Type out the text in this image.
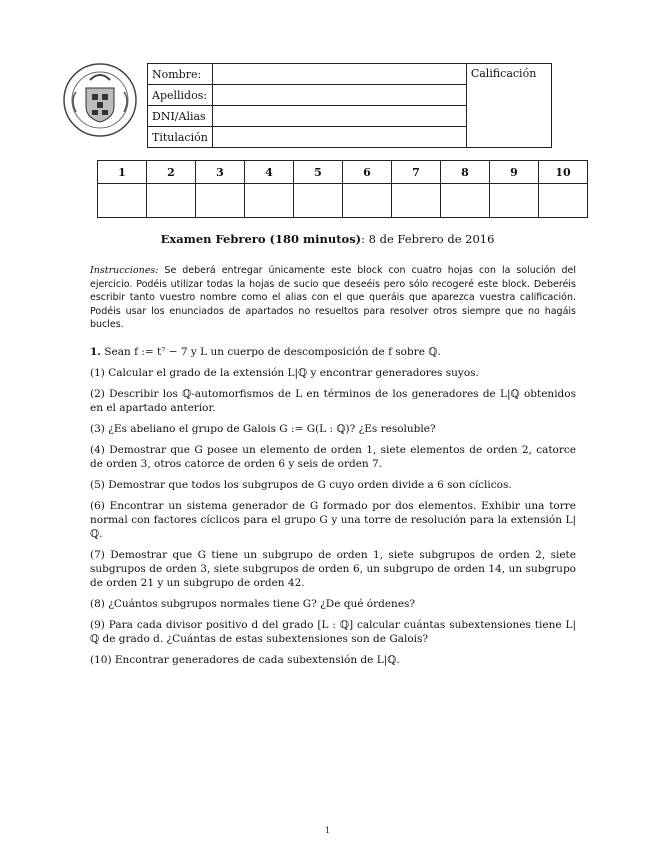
Nombre:		Calificación
Apellidos:		
DNI/Alias		
Titulación		
1	2	3	4	5	6	7	8	9	10

Examen Febrero (180 minutos): 8 de Febrero de 2016
Instrucciones: Se deberá entregar únicamente este block con cuatro hojas con la solución del ejercicio. Podéis utilizar todas la hojas de sucio que deseéis pero sólo recogeré este block. Deberéis escribir tanto vuestro nombre como el alias con el que queráis que aparezca vuestra calificación. Podéis usar los enunciados de apartados no resueltos para resolver otros siempre que no hagáis bucles.

1. Sean f := t⁷ − 7 y L un cuerpo de descomposición de f sobre ℚ.

(1) Calcular el grado de la extensión L|ℚ y encontrar generadores suyos.

(2) Describir los ℚ-automorfismos de L en términos de los generadores de L|ℚ obtenidos en el apartado anterior.

(3) ¿Es abeliano el grupo de Galois G := G(L : ℚ)? ¿Es resoluble?

(4) Demostrar que G posee un elemento de orden 1, siete elementos de orden 2, catorce de orden 3, otros catorce de orden 6 y seis de orden 7.

(5) Demostrar que todos los subgrupos de G cuyo orden divide a 6 son cíclicos.

(6) Encontrar un sistema generador de G formado por dos elementos. Exhibir una torre normal con factores cíclicos para el grupo G y una torre de resolución para la extensión L|ℚ.

(7) Demostrar que G tiene un subgrupo de orden 1, siete subgrupos de orden 2, siete subgrupos de orden 3, siete subgrupos de orden 6, un subgrupo de orden 14, un subgrupo de orden 21 y un subgrupo de orden 42.

(8) ¿Cuántos subgrupos normales tiene G? ¿De qué órdenes?

(9) Para cada divisor positivo d del grado [L : ℚ] calcular cuántas subextensiones tiene L|ℚ de grado d. ¿Cuántas de estas subextensiones son de Galois?

(10) Encontrar generadores de cada subextensión de L|ℚ.

1
